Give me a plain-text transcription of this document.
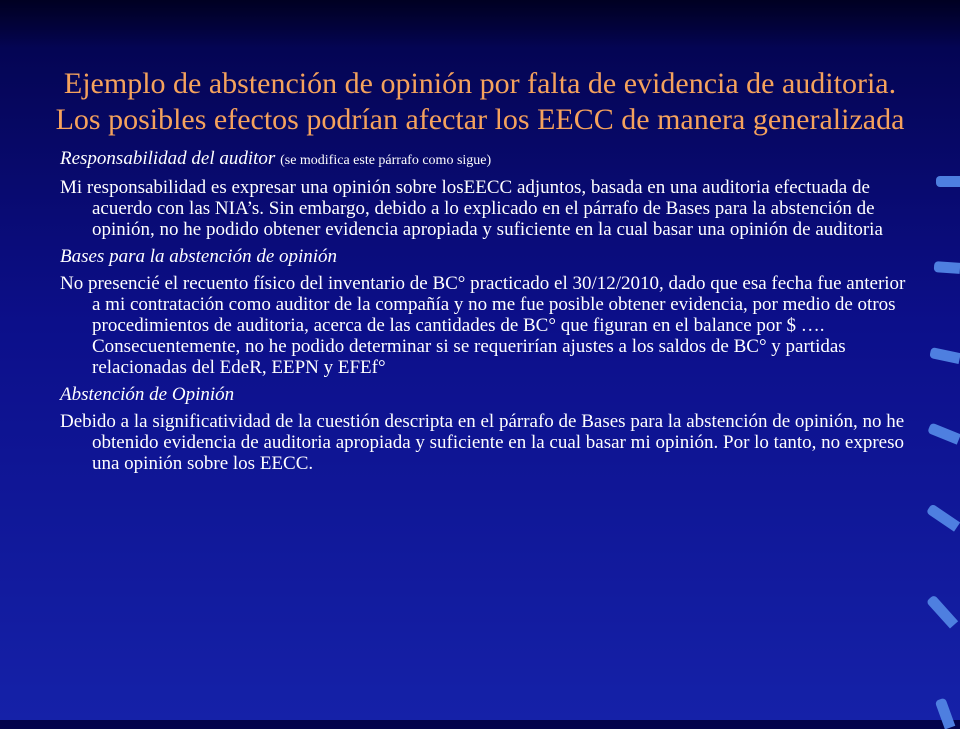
Ejemplo de abstención de opinión por falta de evidencia de auditoria. Los posibles efectos podrían afectar los EECC de manera generalizada
Responsabilidad del auditor (se modifica este párrafo como sigue)
Mi responsabilidad es expresar una opinión sobre losEECC adjuntos, basada en una auditoria efectuada de acuerdo con las NIA’s. Sin embargo, debido a lo explicado en el párrafo de Bases para la abstención de opinión, no he podido obtener evidencia apropiada y suficiente en la cual basar una opinión de auditoria
Bases para la abstención de opinión
No presencié el recuento físico del inventario de BC° practicado el 30/12/2010, dado que esa fecha fue anterior a mi contratación como auditor de la compañía y no me fue posible obtener evidencia, por medio de otros procedimientos de auditoria, acerca de las cantidades de BC° que figuran en el balance por $ …. Consecuentemente, no he podido determinar si se requerirían ajustes a los saldos de BC° y partidas relacionadas del EdeR, EEPN y EFEf°
Abstención de Opinión
Debido a la significatividad de la cuestión descripta en el párrafo de Bases para la abstención de opinión, no he obtenido evidencia de auditoria apropiada y suficiente en la cual basar mi opinión. Por lo tanto, no expreso una opinión sobre los EECC.
